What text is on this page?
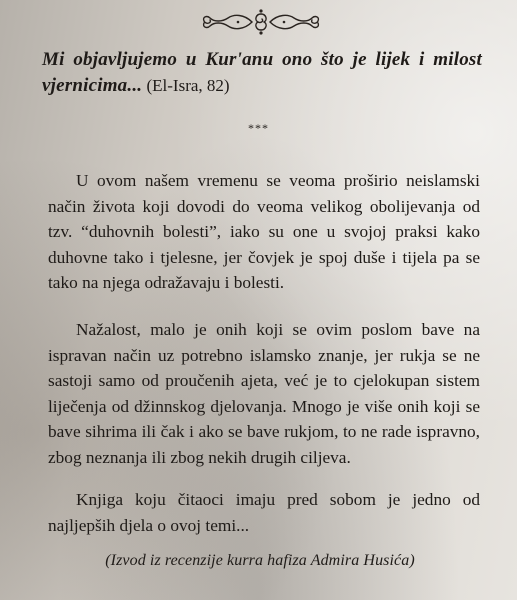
Mi objavljujemo u Kur'anu ono što je lijek i milost vjernicima... (El-Isra, 82)
***

U ovom našem vremenu se veoma proširio neislamski način života koji dovodi do veoma velikog obolijevanja od tzv. “duhovnih bolesti”, iako su one u svojoj praksi kako duhovne tako i tjelesne, jer čovjek je spoj duše i tijela pa se tako na njega odražavaju i bolesti.

Nažalost, malo je onih koji se ovim poslom bave na ispravan način uz potrebno islamsko znanje, jer rukja se ne sastoji samo od proučenih ajeta, već je to cjelokupan sistem liječenja od džinnskog djelovanja. Mnogo je više onih koji se bave sihrima ili čak i ako se bave rukjom, to ne rade ispravno, zbog neznanja ili zbog nekih drugih ciljeva.

Knjiga koju čitaoci imaju pred sobom je jedno od najljepših djela o ovoj temi...

(Izvod iz recenzije kurra hafiza Admira Husića)
